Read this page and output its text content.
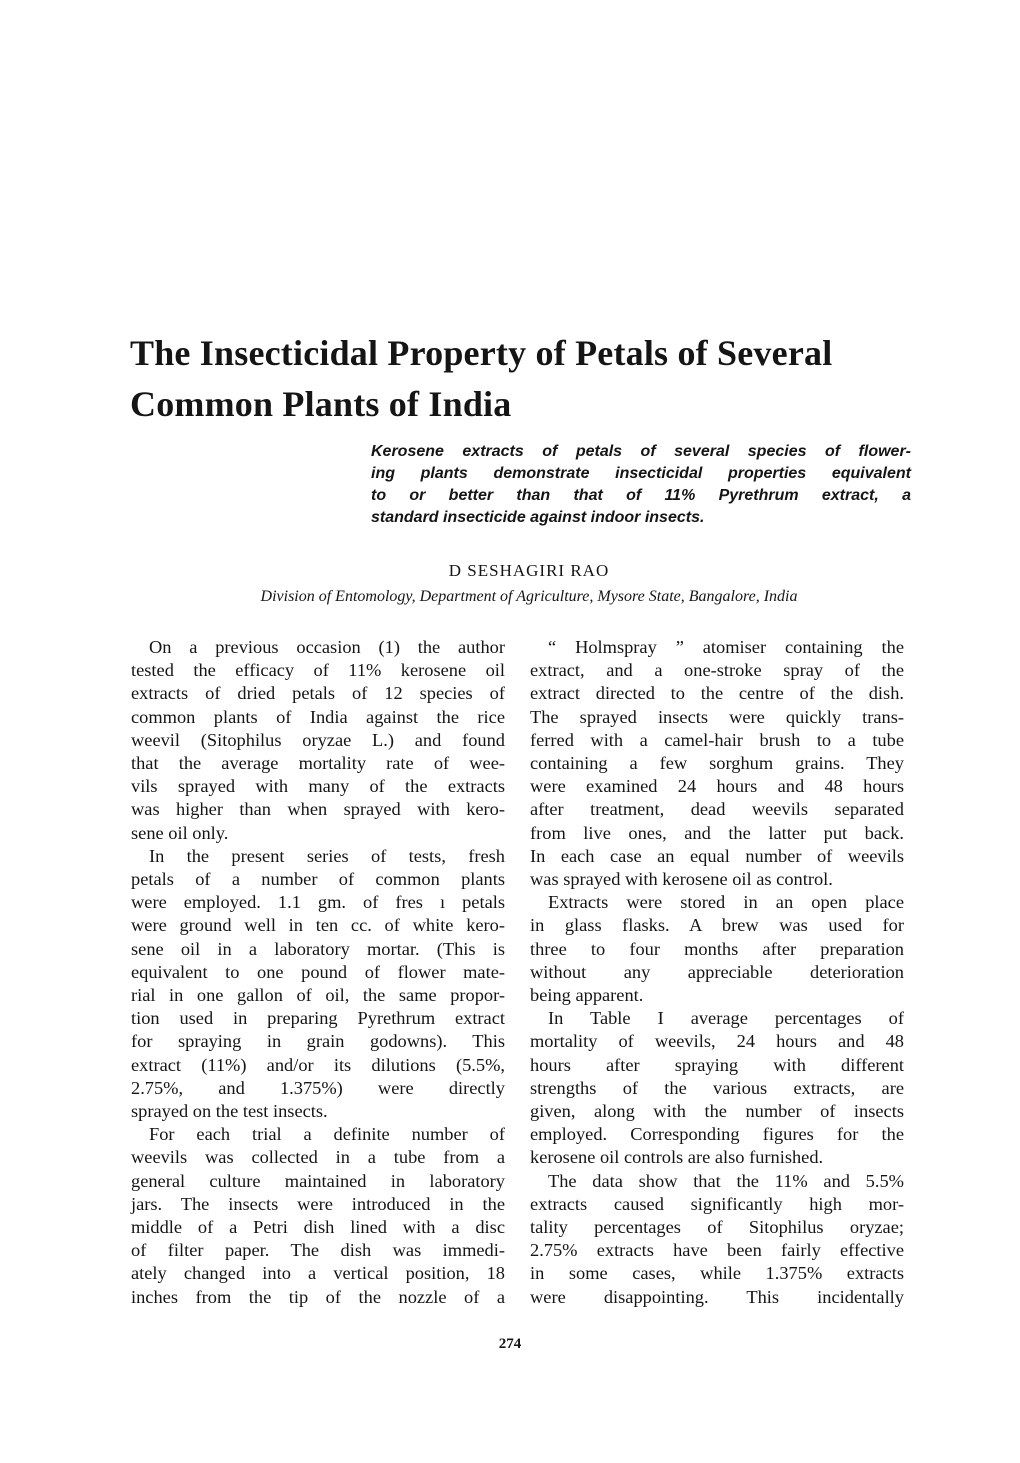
The Insecticidal Property of Petals of Several
Common Plants of India

Kerosene extracts of petals of several species of flower-
ing plants demonstrate insecticidal properties equivalent
to or better than that of 11% Pyrethrum extract, a
standard insecticide against indoor insects.

D SESHAGIRI RAO

Division of Entomology, Department of Agriculture, Mysore State, Bangalore, India

On a previous occasion (1) the author
tested the efficacy of 11% kerosene oil
extracts of dried petals of 12 species of
common plants of India against the rice
weevil (Sitophilus oryzae L.) and found
that the average mortality rate of wee-
vils sprayed with many of the extracts
was higher than when sprayed with kero-
sene oil only.
In the present series of tests, fresh
petals of a number of common plants
were employed. 1.1 gm. of fres ı petals
were ground well in ten cc. of white kero-
sene oil in a laboratory mortar. (This is
equivalent to one pound of flower mate-
rial in one gallon of oil, the same propor-
tion used in preparing Pyrethrum extract
for spraying in grain godowns). This
extract (11%) and/or its dilutions (5.5%,
2.75%, and 1.375%) were directly
sprayed on the test insects.
For each trial a definite number of
weevils was collected in a tube from a
general culture maintained in laboratory
jars. The insects were introduced in the
middle of a Petri dish lined with a disc
of filter paper. The dish was immedi-
ately changed into a vertical position, 18
inches from the tip of the nozzle of a
“ Holmspray ” atomiser containing the
extract, and a one-stroke spray of the
extract directed to the centre of the dish.
The sprayed insects were quickly trans-
ferred with a camel-hair brush to a tube
containing a few sorghum grains. They
were examined 24 hours and 48 hours
after treatment, dead weevils separated
from live ones, and the latter put back.
In each case an equal number of weevils
was sprayed with kerosene oil as control.
Extracts were stored in an open place
in glass flasks. A brew was used for
three to four months after preparation
without any appreciable deterioration
being apparent.
In Table I average percentages of
mortality of weevils, 24 hours and 48
hours after spraying with different
strengths of the various extracts, are
given, along with the number of insects
employed. Corresponding figures for the
kerosene oil controls are also furnished.
The data show that the 11% and 5.5%
extracts caused significantly high mor-
tality percentages of Sitophilus oryzae;
2.75% extracts have been fairly effective
in some cases, while 1.375% extracts
were disappointing. This incidentally

274
